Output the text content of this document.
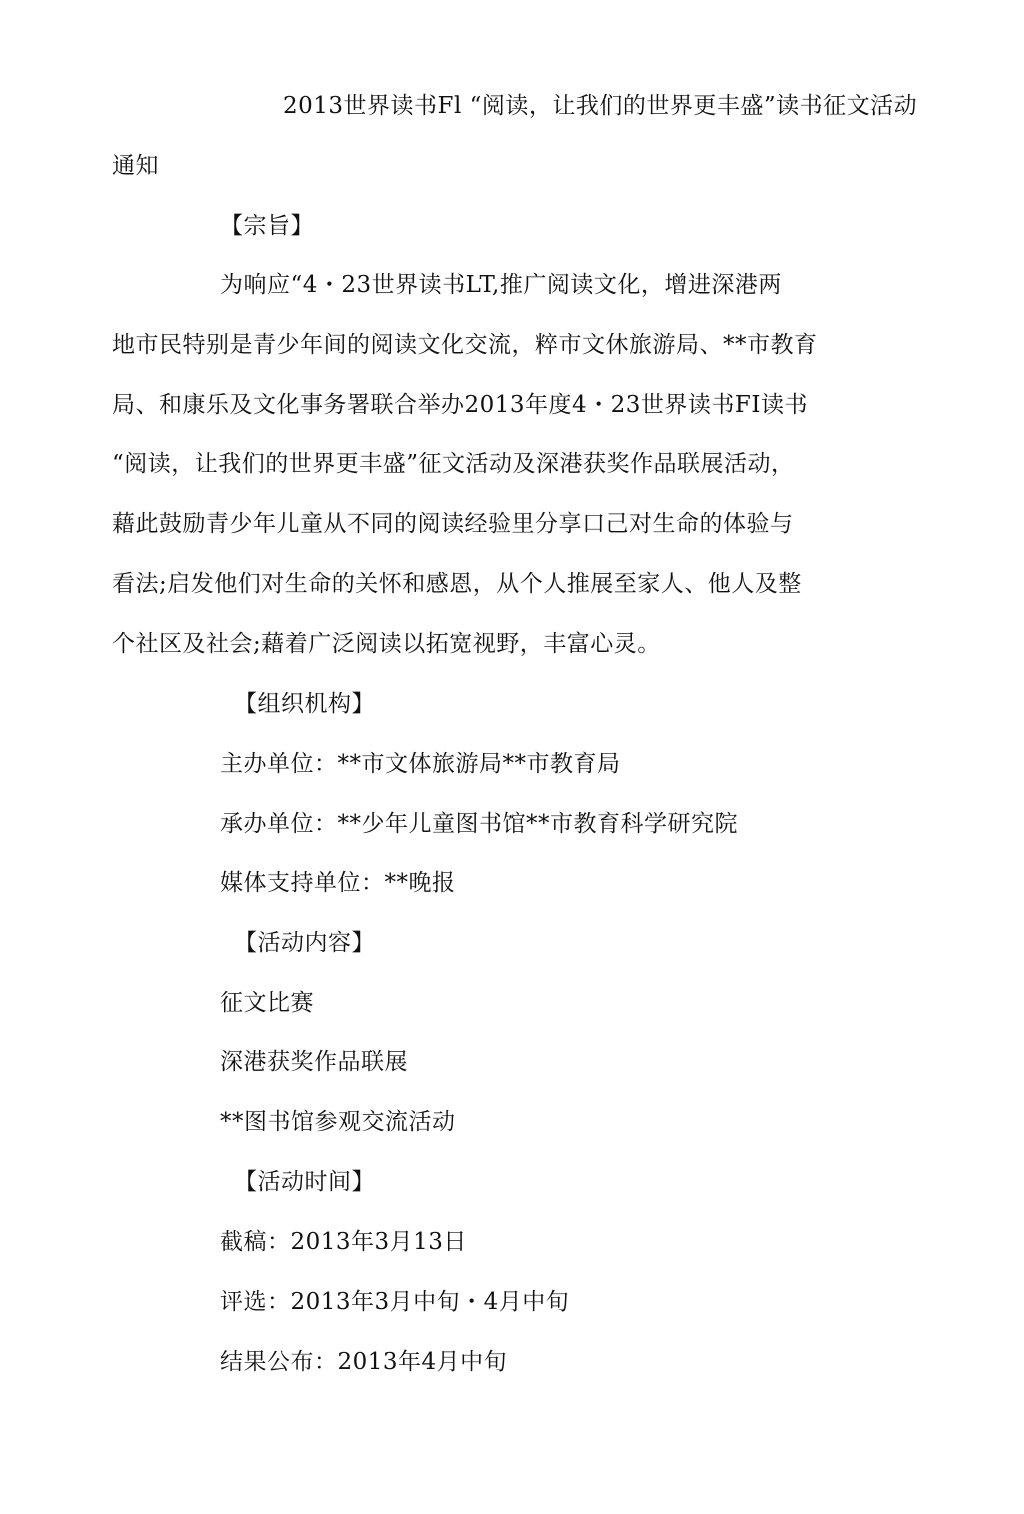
2013世界读书Fl “阅读，让我们的世界更丰盛”读书征文活动
通知
【宗旨】
为响应“4・23世界读书LT,推广阅读文化，增进深港两
地市民特别是青少年间的阅读文化交流，粹市文休旅游局、**市教育
局、和康乐及文化事务署联合举办2013年度4・23世界读书FI读书
“阅读，让我们的世界更丰盛”征文活动及深港获奖作品联展活动，
藉此鼓励青少年儿童从不同的阅读经验里分享口己对生命的体验与
看法;启发他们对生命的关怀和感恩，从个人推展至家人、他人及整
个社区及社会;藉着广泛阅读以拓宽视野，丰富心灵。
【组织机构】
主办单位：**市文体旅游局**市教育局
承办单位：**少年儿童图书馆**市教育科学研究院
媒体支持单位：**晚报
【活动内容】
征文比赛
深港获奖作品联展
**图书馆参观交流活动
【活动时间】
截稿：2013年3月13日
评选：2013年3月中旬・4月中旬
结果公布：2013年4月中旬
